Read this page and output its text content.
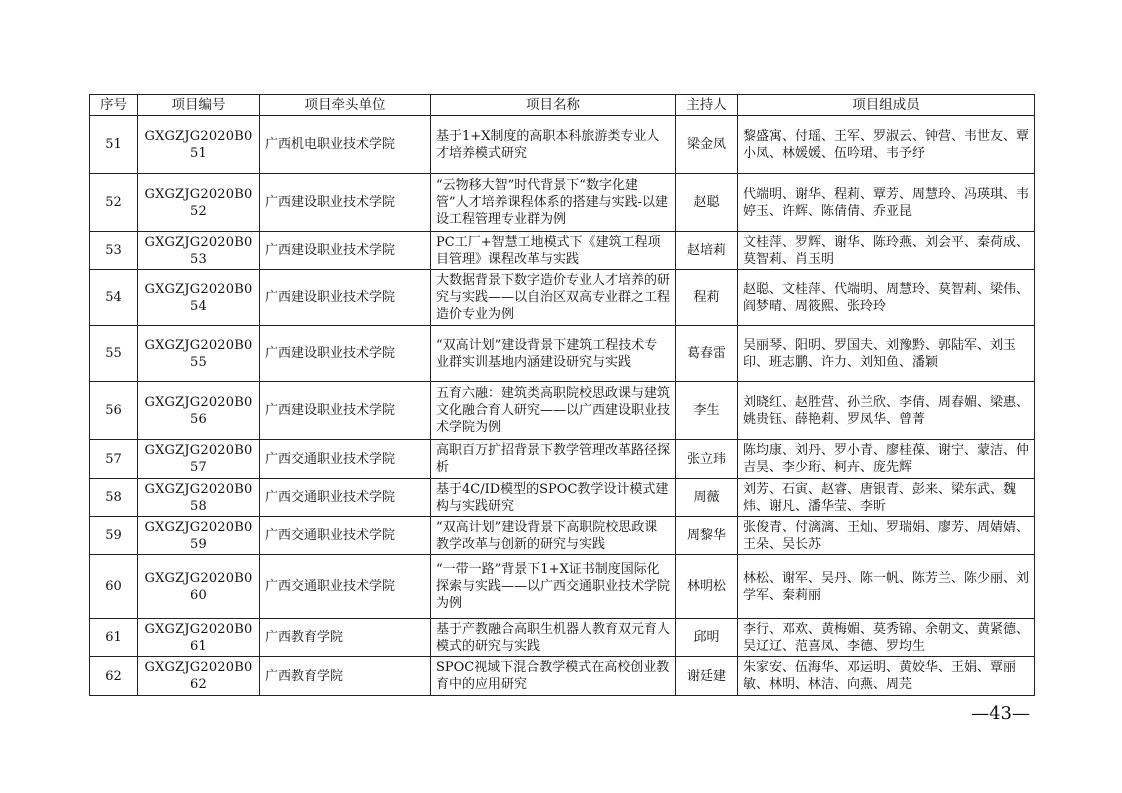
序号	项目编号	项目牵头单位	项目名称	主持人	项目组成员
51	GXGZJG2020B051	广西机电职业技术学院	基于1+X制度的高职本科旅游类专业人才培养模式研究	梁金凤	黎盛寓、付瑶、王军、罗淑云、钟营、韦世友、覃小凤、林媛媛、伍吟珺、韦予纾
52	GXGZJG2020B052	广西建设职业技术学院	“云物移大智”时代背景下“数字化建管”人才培养课程体系的搭建与实践-以建设工程管理专业群为例	赵聪	代端明、谢华、程莉、覃芳、周慧玲、冯瑛琪、韦婷玉、许辉、陈倩倩、乔亚昆
53	GXGZJG2020B053	广西建设职业技术学院	PC工厂+智慧工地模式下《建筑工程项目管理》课程改革与实践	赵培莉	文桂萍、罗辉、谢华、陈玲燕、刘会平、秦荷成、莫智莉、肖玉明
54	GXGZJG2020B054	广西建设职业技术学院	大数据背景下数字造价专业人才培养的研究与实践——以自治区双高专业群之工程造价专业为例	程莉	赵聪、文桂萍、代端明、周慧玲、莫智莉、梁伟、阎梦晴、周筱熙、张玲玲
55	GXGZJG2020B055	广西建设职业技术学院	“双高计划”建设背景下建筑工程技术专业群实训基地内涵建设研究与实践	葛春雷	吴丽琴、阳明、罗国夫、刘豫黔、郭陆军、刘玉印、班志鹏、许力、刘知鱼、潘颖
56	GXGZJG2020B056	广西建设职业技术学院	五育六融：建筑类高职院校思政课与建筑文化融合育人研究——以广西建设职业技术学院为例	李生	刘晓红、赵胜营、孙兰欣、李倩、周春媚、梁惠、姚贵钰、薛艳莉、罗凤华、曾菁
57	GXGZJG2020B057	广西交通职业技术学院	高职百万扩招背景下教学管理改革路径探析	张立玮	陈均康、刘丹、罗小青、廖桂葆、谢宁、蒙洁、仲吉昊、李少珩、柯卉、庞先辉
58	GXGZJG2020B058	广西交通职业技术学院	基于4C/ID模型的SPOC教学设计模式建构与实践研究	周薇	刘芳、石寅、赵睿、唐银青、彭来、梁东武、魏炜、谢凡、潘华莹、李昕
59	GXGZJG2020B059	广西交通职业技术学院	“双高计划”建设背景下高职院校思政课教学改革与创新的研究与实践	周黎华	张俊青、付漓漓、王灿、罗瑞娟、廖芳、周婧婧、王朵、吴长苏
60	GXGZJG2020B060	广西交通职业技术学院	“一带一路”背景下1+X证书制度国际化探索与实践——以广西交通职业技术学院为例	林明松	林松、谢军、吴丹、陈一帆、陈芳兰、陈少丽、刘学军、秦莉丽
61	GXGZJG2020B061	广西教育学院	基于产教融合高职生机器人教育双元育人模式的研究与实践	邱明	李行、邓欢、黄梅媚、莫秀锦、余朝文、黄紧德、吴辽辽、范喜凤、李德、罗均生
62	GXGZJG2020B062	广西教育学院	SPOC视域下混合教学模式在高校创业教育中的应用研究	谢廷建	朱家安、伍海华、邓运明、黄姣华、王娟、覃丽敏、林明、林洁、向燕、周芫
—43—
